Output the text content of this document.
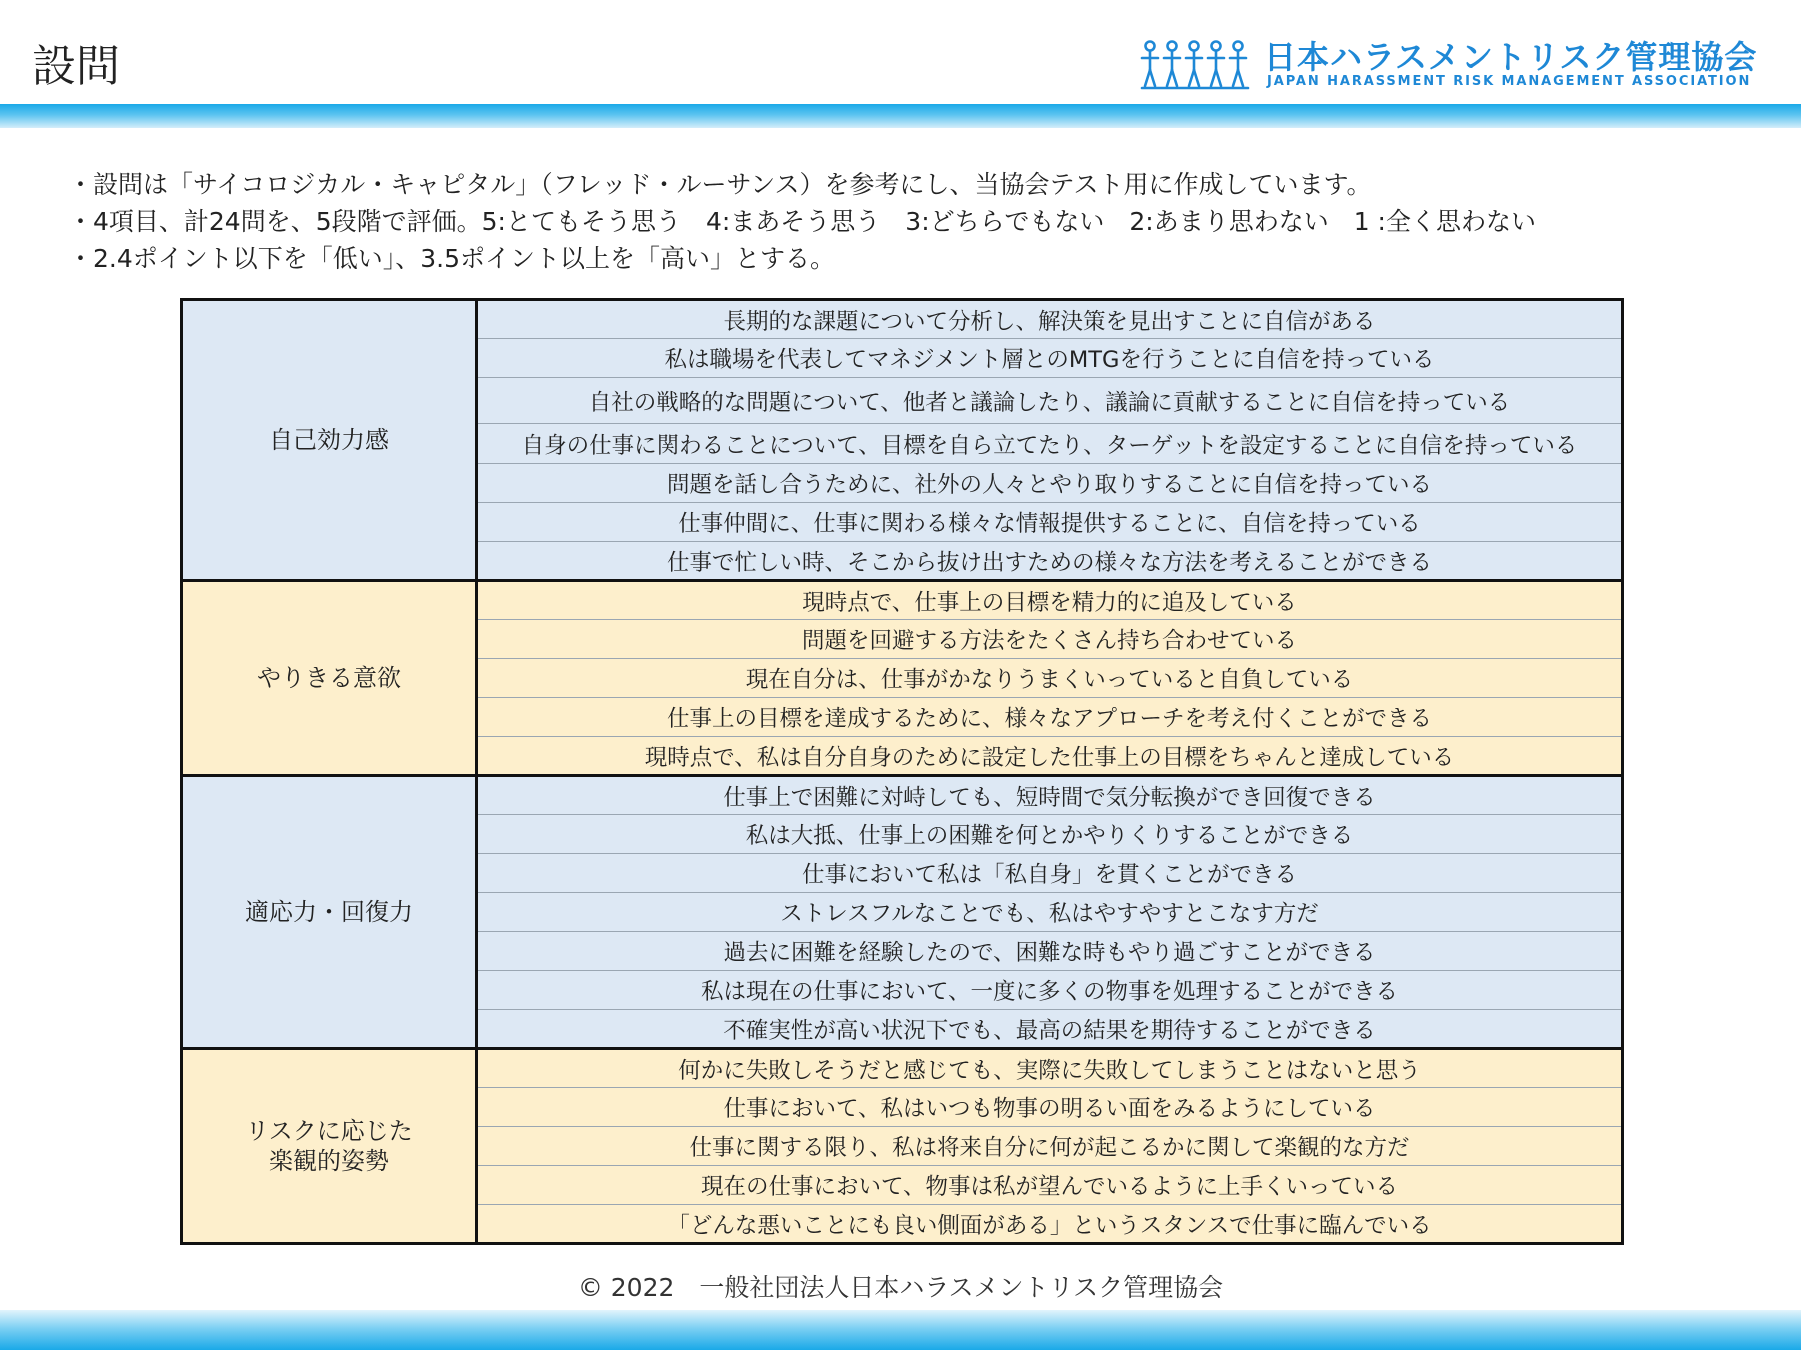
設問	日本ハラスメントリスク管理協会
JAPAN HARASSMENT RISK MANAGEMENT ASSOCIATION
・設問は「サイコロジカル・キャピタル」（フレッド・ルーサンス）を参考にし、当協会テスト用に作成しています。
・4項目、計24問を、5段階で評価。5:とてもそう思う　4:まあそう思う　3:どちらでもない　2:あまり思わない　1 :全く思わない
・2.4ポイント以下を「低い」、3.5ポイント以上を「高い」とする。
自己効力感	長期的な課題について分析し、解決策を見出すことに自信がある
	私は職場を代表してマネジメント層とのMTGを行うことに自信を持っている
	自社の戦略的な問題について、他者と議論したり、議論に貢献することに自信を持っている
	自身の仕事に関わることについて、目標を自ら立てたり、ターゲットを設定することに自信を持っている
	問題を話し合うために、社外の人々とやり取りすることに自信を持っている
	仕事仲間に、仕事に関わる様々な情報提供することに、自信を持っている
	仕事で忙しい時、そこから抜け出すための様々な方法を考えることができる
やりきる意欲	現時点で、仕事上の目標を精力的に追及している
	問題を回避する方法をたくさん持ち合わせている
	現在自分は、仕事がかなりうまくいっていると自負している
	仕事上の目標を達成するために、様々なアプローチを考え付くことができる
	現時点で、私は自分自身のために設定した仕事上の目標をちゃんと達成している
適応力・回復力	仕事上で困難に対峙しても、短時間で気分転換ができ回復できる
	私は大抵、仕事上の困難を何とかやりくりすることができる
	仕事において私は「私自身」を貫くことができる
	ストレスフルなことでも、私はやすやすとこなす方だ
	過去に困難を経験したので、困難な時もやり過ごすことができる
	私は現在の仕事において、一度に多くの物事を処理することができる
	不確実性が高い状況下でも、最高の結果を期待することができる

リスクに応じた
楽観的姿勢	何かに失敗しそうだと感じても、実際に失敗してしまうことはないと思う
	仕事において、私はいつも物事の明るい面をみるようにしている
	仕事に関する限り、私は将来自分に何が起こるかに関して楽観的な方だ
	現在の仕事において、物事は私が望んでいるように上手くいっている
	「どんな悪いことにも良い側面がある」というスタンスで仕事に臨んでいる
© 2022　一般社団法人日本ハラスメントリスク管理協会
